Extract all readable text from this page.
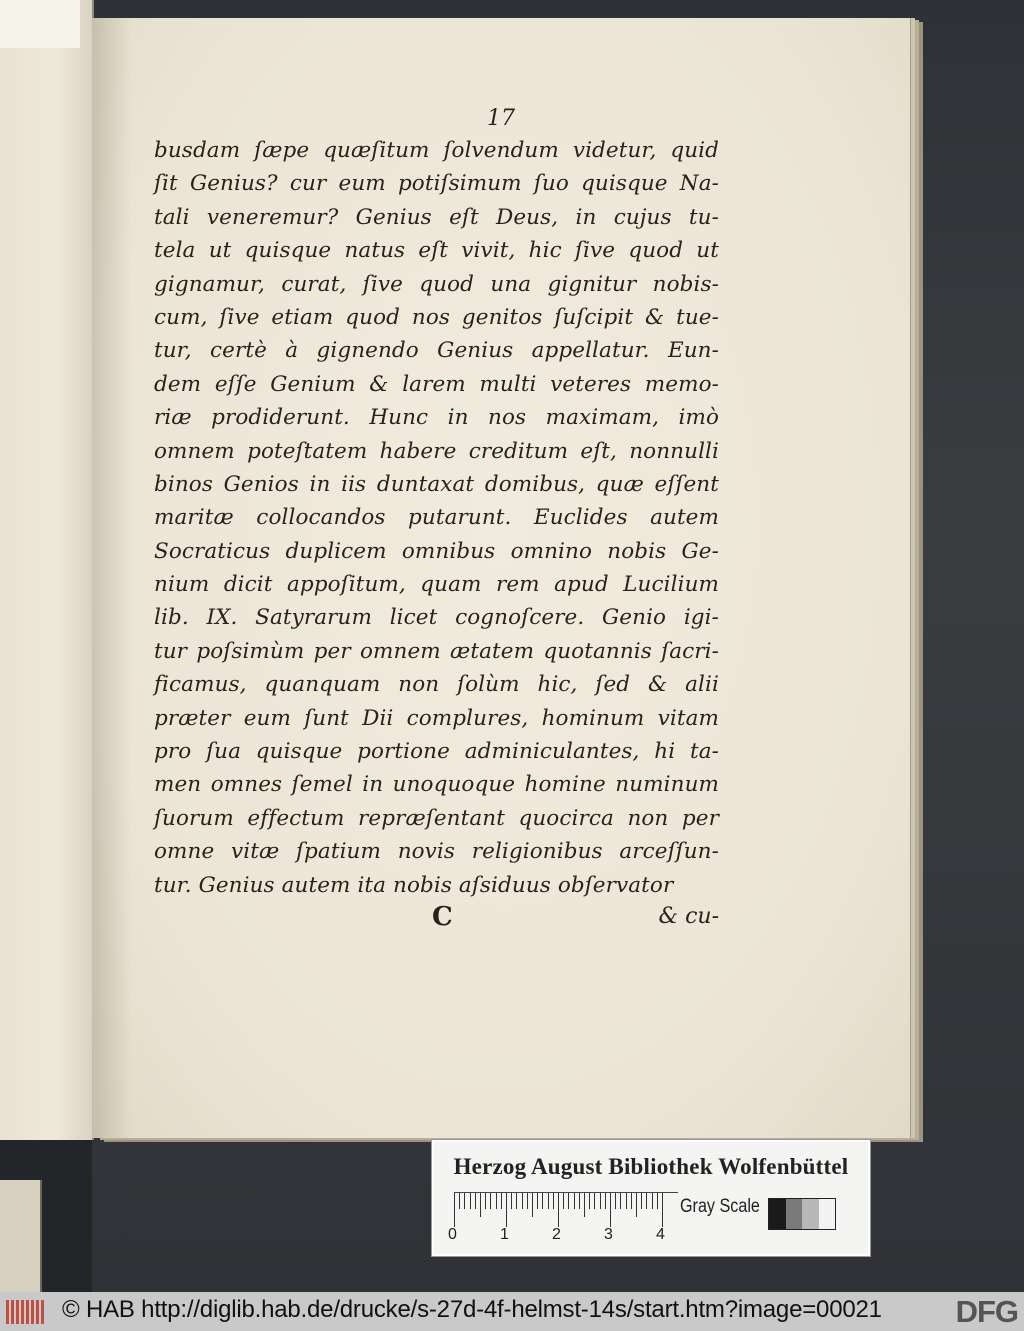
17
busdam ſæpe quæſitum ſolvendum videtur, quid
ſit Genius? cur eum potiſsimum ſuo quisque Na-
tali veneremur? Genius eſt Deus, in cujus tu-
tela ut quisque natus eſt vivit, hic ſive quod ut
gignamur, curat, ſive quod una gignitur nobis-
cum, ſive etiam quod nos genitos ſuſcipit & tue-
tur, certè à gignendo Genius appellatur. Eun-
dem eſſe Genium & larem multi veteres memo-
riæ prodiderunt. Hunc in nos maximam, imò
omnem poteſtatem habere creditum eſt, nonnulli
binos Genios in iis duntaxat domibus, quæ eſſent
maritæ collocandos putarunt. Euclides autem
Socraticus duplicem omnibus omnino nobis Ge-
nium dicit appoſitum, quam rem apud Lucilium
lib. IX. Satyrarum licet cognoſcere. Genio igi-
tur poſsimùm per omnem ætatem quotannis ſacri-
ficamus, quanquam non ſolùm hic, ſed & alii
præter eum ſunt Dii complures, hominum vitam
pro ſua quisque portione adminiculantes, hi ta-
men omnes ſemel in unoquoque homine numinum
ſuorum effectum repræſentant quocirca non per
omne vitæ ſpatium novis religionibus arceſſun-
tur. Genius autem ita nobis aſsiduus obſervator
C	& cu-
Herzog August Bibliothek Wolfenbüttel
0	1	2	3	4
Gray Scale
© HAB http://diglib.hab.de/drucke/s-27d-4f-helmst-14s/start.htm?image=00021 DFG
